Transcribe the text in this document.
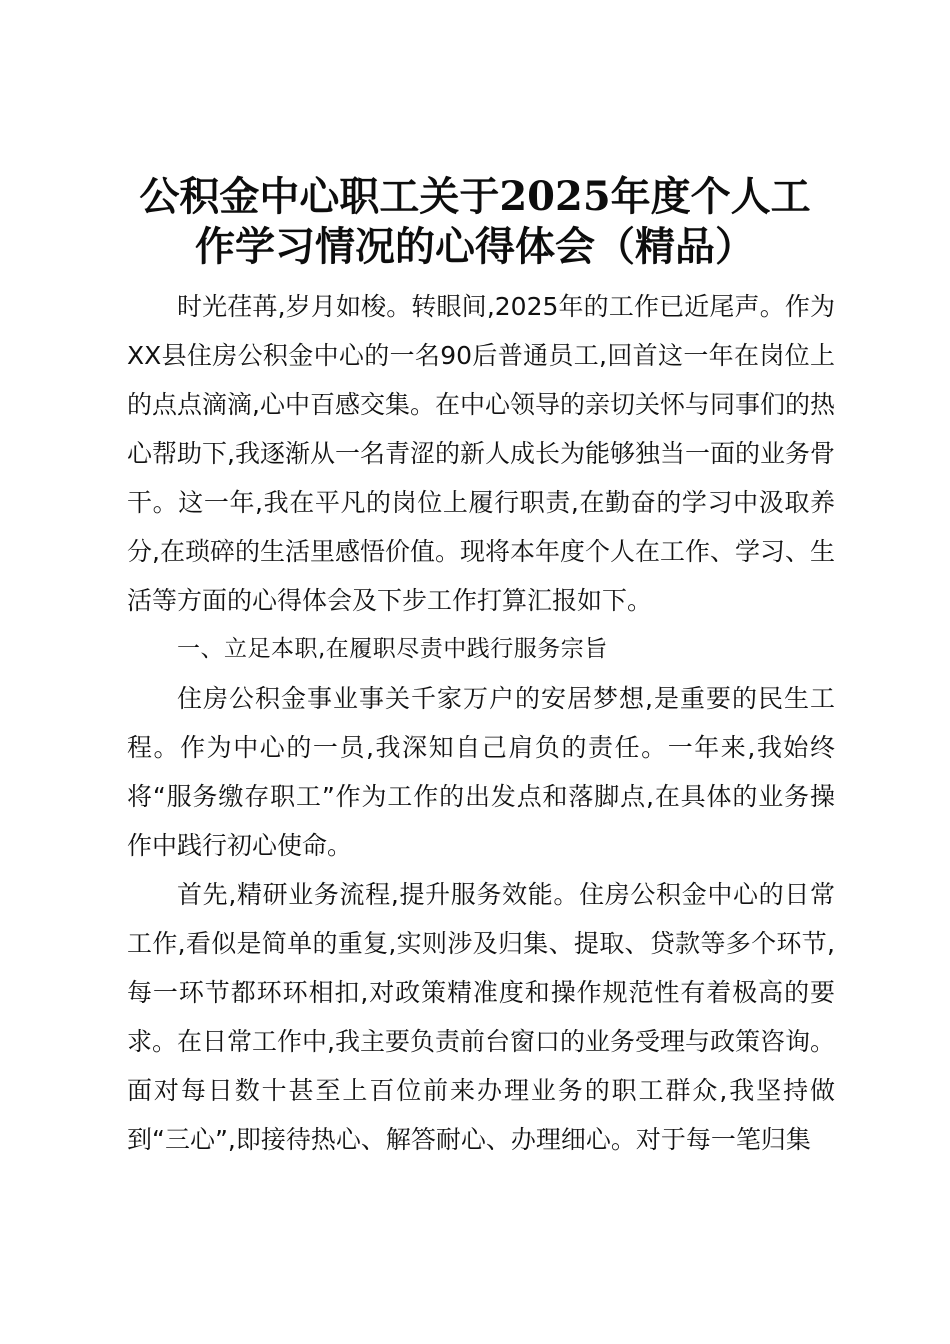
公积金中心职工关于2025年度个人工
作学习情况的心得体会（精品）

时光荏苒,岁月如梭。转眼间,2025年的工作已近尾声。作为XX县住房公积金中心的一名90后普通员工,回首这一年在岗位上的点点滴滴,心中百感交集。在中心领导的亲切关怀与同事们的热心帮助下,我逐渐从一名青涩的新人成长为能够独当一面的业务骨干。这一年,我在平凡的岗位上履行职责,在勤奋的学习中汲取养分,在琐碎的生活里感悟价值。现将本年度个人在工作、学习、生活等方面的心得体会及下步工作打算汇报如下。

一、立足本职,在履职尽责中践行服务宗旨

住房公积金事业事关千家万户的安居梦想,是重要的民生工程。作为中心的一员,我深知自己肩负的责任。一年来,我始终将“服务缴存职工”作为工作的出发点和落脚点,在具体的业务操作中践行初心使命。

首先,精研业务流程,提升服务效能。住房公积金中心的日常工作,看似是简单的重复,实则涉及归集、提取、贷款等多个环节,每一环节都环环相扣,对政策精准度和操作规范性有着极高的要求。在日常工作中,我主要负责前台窗口的业务受理与政策咨询。面对每日数十甚至上百位前来办理业务的职工群众,我坚持做到“三心”,即接待热心、解答耐心、办理细心。对于每一笔归集
